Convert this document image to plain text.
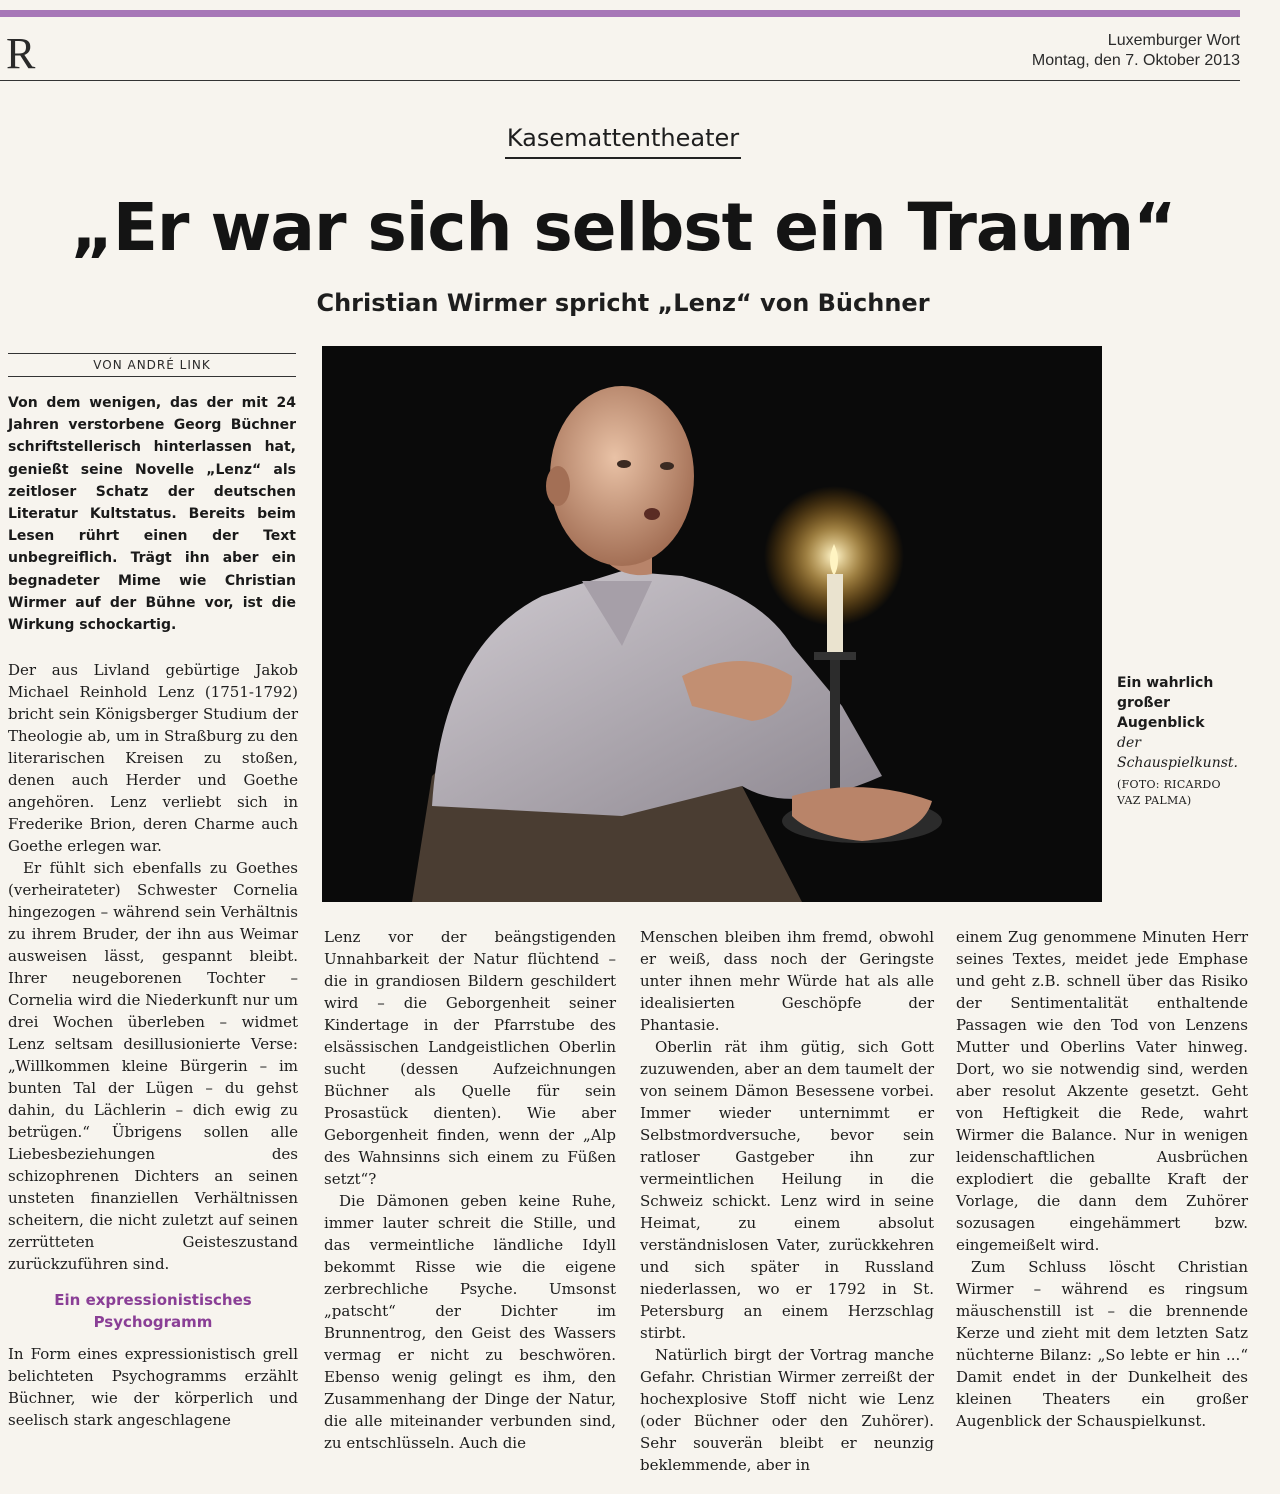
R	Luxemburger Wort
Montag, den 7. Oktober 2013
Kasemattentheater
„Er war sich selbst ein Traum“
Christian Wirmer spricht „Lenz“ von Büchner
VON ANDRÉ LINK

Von dem wenigen, das der mit 24 Jahren verstorbene Georg Büchner schriftstellerisch hinterlassen hat, genießt seine Novelle „Lenz“ als zeitloser Schatz der deutschen Literatur Kultstatus. Bereits beim Lesen rührt einen der Text unbegreiflich. Trägt ihn aber ein begnadeter Mime wie Christian Wirmer auf der Bühne vor, ist die Wirkung schockartig.

Der aus Livland gebürtige Jakob Michael Reinhold Lenz (1751-1792) bricht sein Königsberger Studium der Theologie ab, um in Straßburg zu den literarischen Kreisen zu stoßen, denen auch Herder und Goethe angehören. Lenz verliebt sich in Frederike Brion, deren Charme auch Goethe erlegen war.

Er fühlt sich ebenfalls zu Goethes (verheirateter) Schwester Cornelia hingezogen – während sein Verhältnis zu ihrem Bruder, der ihn aus Weimar ausweisen lässt, gespannt bleibt. Ihrer neugeborenen Tochter – Cornelia wird die Niederkunft nur um drei Wochen überleben – widmet Lenz seltsam desillusionierte Verse: „Willkommen kleine Bürgerin – im bunten Tal der Lügen – du gehst dahin, du Lächlerin – dich ewig zu betrügen.“ Übrigens sollen alle Liebesbeziehungen des schizophrenen Dichters an seinen unsteten finanziellen Verhältnissen scheitern, die nicht zuletzt auf seinen zerrütteten Geisteszustand zurückzuführen sind.

Ein expressionistisches Psychogramm

In Form eines expressionistisch grell belichteten Psychogramms erzählt Büchner, wie der körperlich und seelisch stark angeschlagene

Ein wahrlich großer Augenblick
der Schauspielkunst.
(FOTO: RICARDO VAZ PALMA)

Lenz vor der beängstigenden Unnahbarkeit der Natur flüchtend – die in grandiosen Bildern geschildert wird – die Geborgenheit seiner Kindertage in der Pfarrstube des elsässischen Landgeistlichen Oberlin sucht (dessen Aufzeichnungen Büchner als Quelle für sein Prosastück dienten). Wie aber Geborgenheit finden, wenn der „Alp des Wahnsinns sich einem zu Füßen setzt“?

Die Dämonen geben keine Ruhe, immer lauter schreit die Stille, und das vermeintliche ländliche Idyll bekommt Risse wie die eigene zerbrechliche Psyche. Umsonst „patscht“ der Dichter im Brunnentrog, den Geist des Wassers vermag er nicht zu beschwören. Ebenso wenig gelingt es ihm, den Zusammenhang der Dinge der Natur, die alle miteinander verbunden sind, zu entschlüsseln. Auch die

Menschen bleiben ihm fremd, obwohl er weiß, dass noch der Geringste unter ihnen mehr Würde hat als alle idealisierten Geschöpfe der Phantasie.

Oberlin rät ihm gütig, sich Gott zuzuwenden, aber an dem taumelt der von seinem Dämon Besessene vorbei. Immer wieder unternimmt er Selbstmordversuche, bevor sein ratloser Gastgeber ihn zur vermeintlichen Heilung in die Schweiz schickt. Lenz wird in seine Heimat, zu einem absolut verständnislosen Vater, zurückkehren und sich später in Russland niederlassen, wo er 1792 in St. Petersburg an einem Herzschlag stirbt.

Natürlich birgt der Vortrag manche Gefahr. Christian Wirmer zerreißt der hochexplosive Stoff nicht wie Lenz (oder Büchner oder den Zuhörer). Sehr souverän bleibt er neunzig beklemmende, aber in

einem Zug genommene Minuten Herr seines Textes, meidet jede Emphase und geht z.B. schnell über das Risiko der Sentimentalität enthaltende Passagen wie den Tod von Lenzens Mutter und Oberlins Vater hinweg. Dort, wo sie notwendig sind, werden aber resolut Akzente gesetzt. Geht von Heftigkeit die Rede, wahrt Wirmer die Balance. Nur in wenigen leidenschaftlichen Ausbrüchen explodiert die geballte Kraft der Vorlage, die dann dem Zuhörer sozusagen eingehämmert bzw. eingemeißelt wird.

Zum Schluss löscht Christian Wirmer – während es ringsum mäuschenstill ist – die brennende Kerze und zieht mit dem letzten Satz nüchterne Bilanz: „So lebte er hin ...“ Damit endet in der Dunkelheit des kleinen Theaters ein großer Augenblick der Schauspielkunst.
